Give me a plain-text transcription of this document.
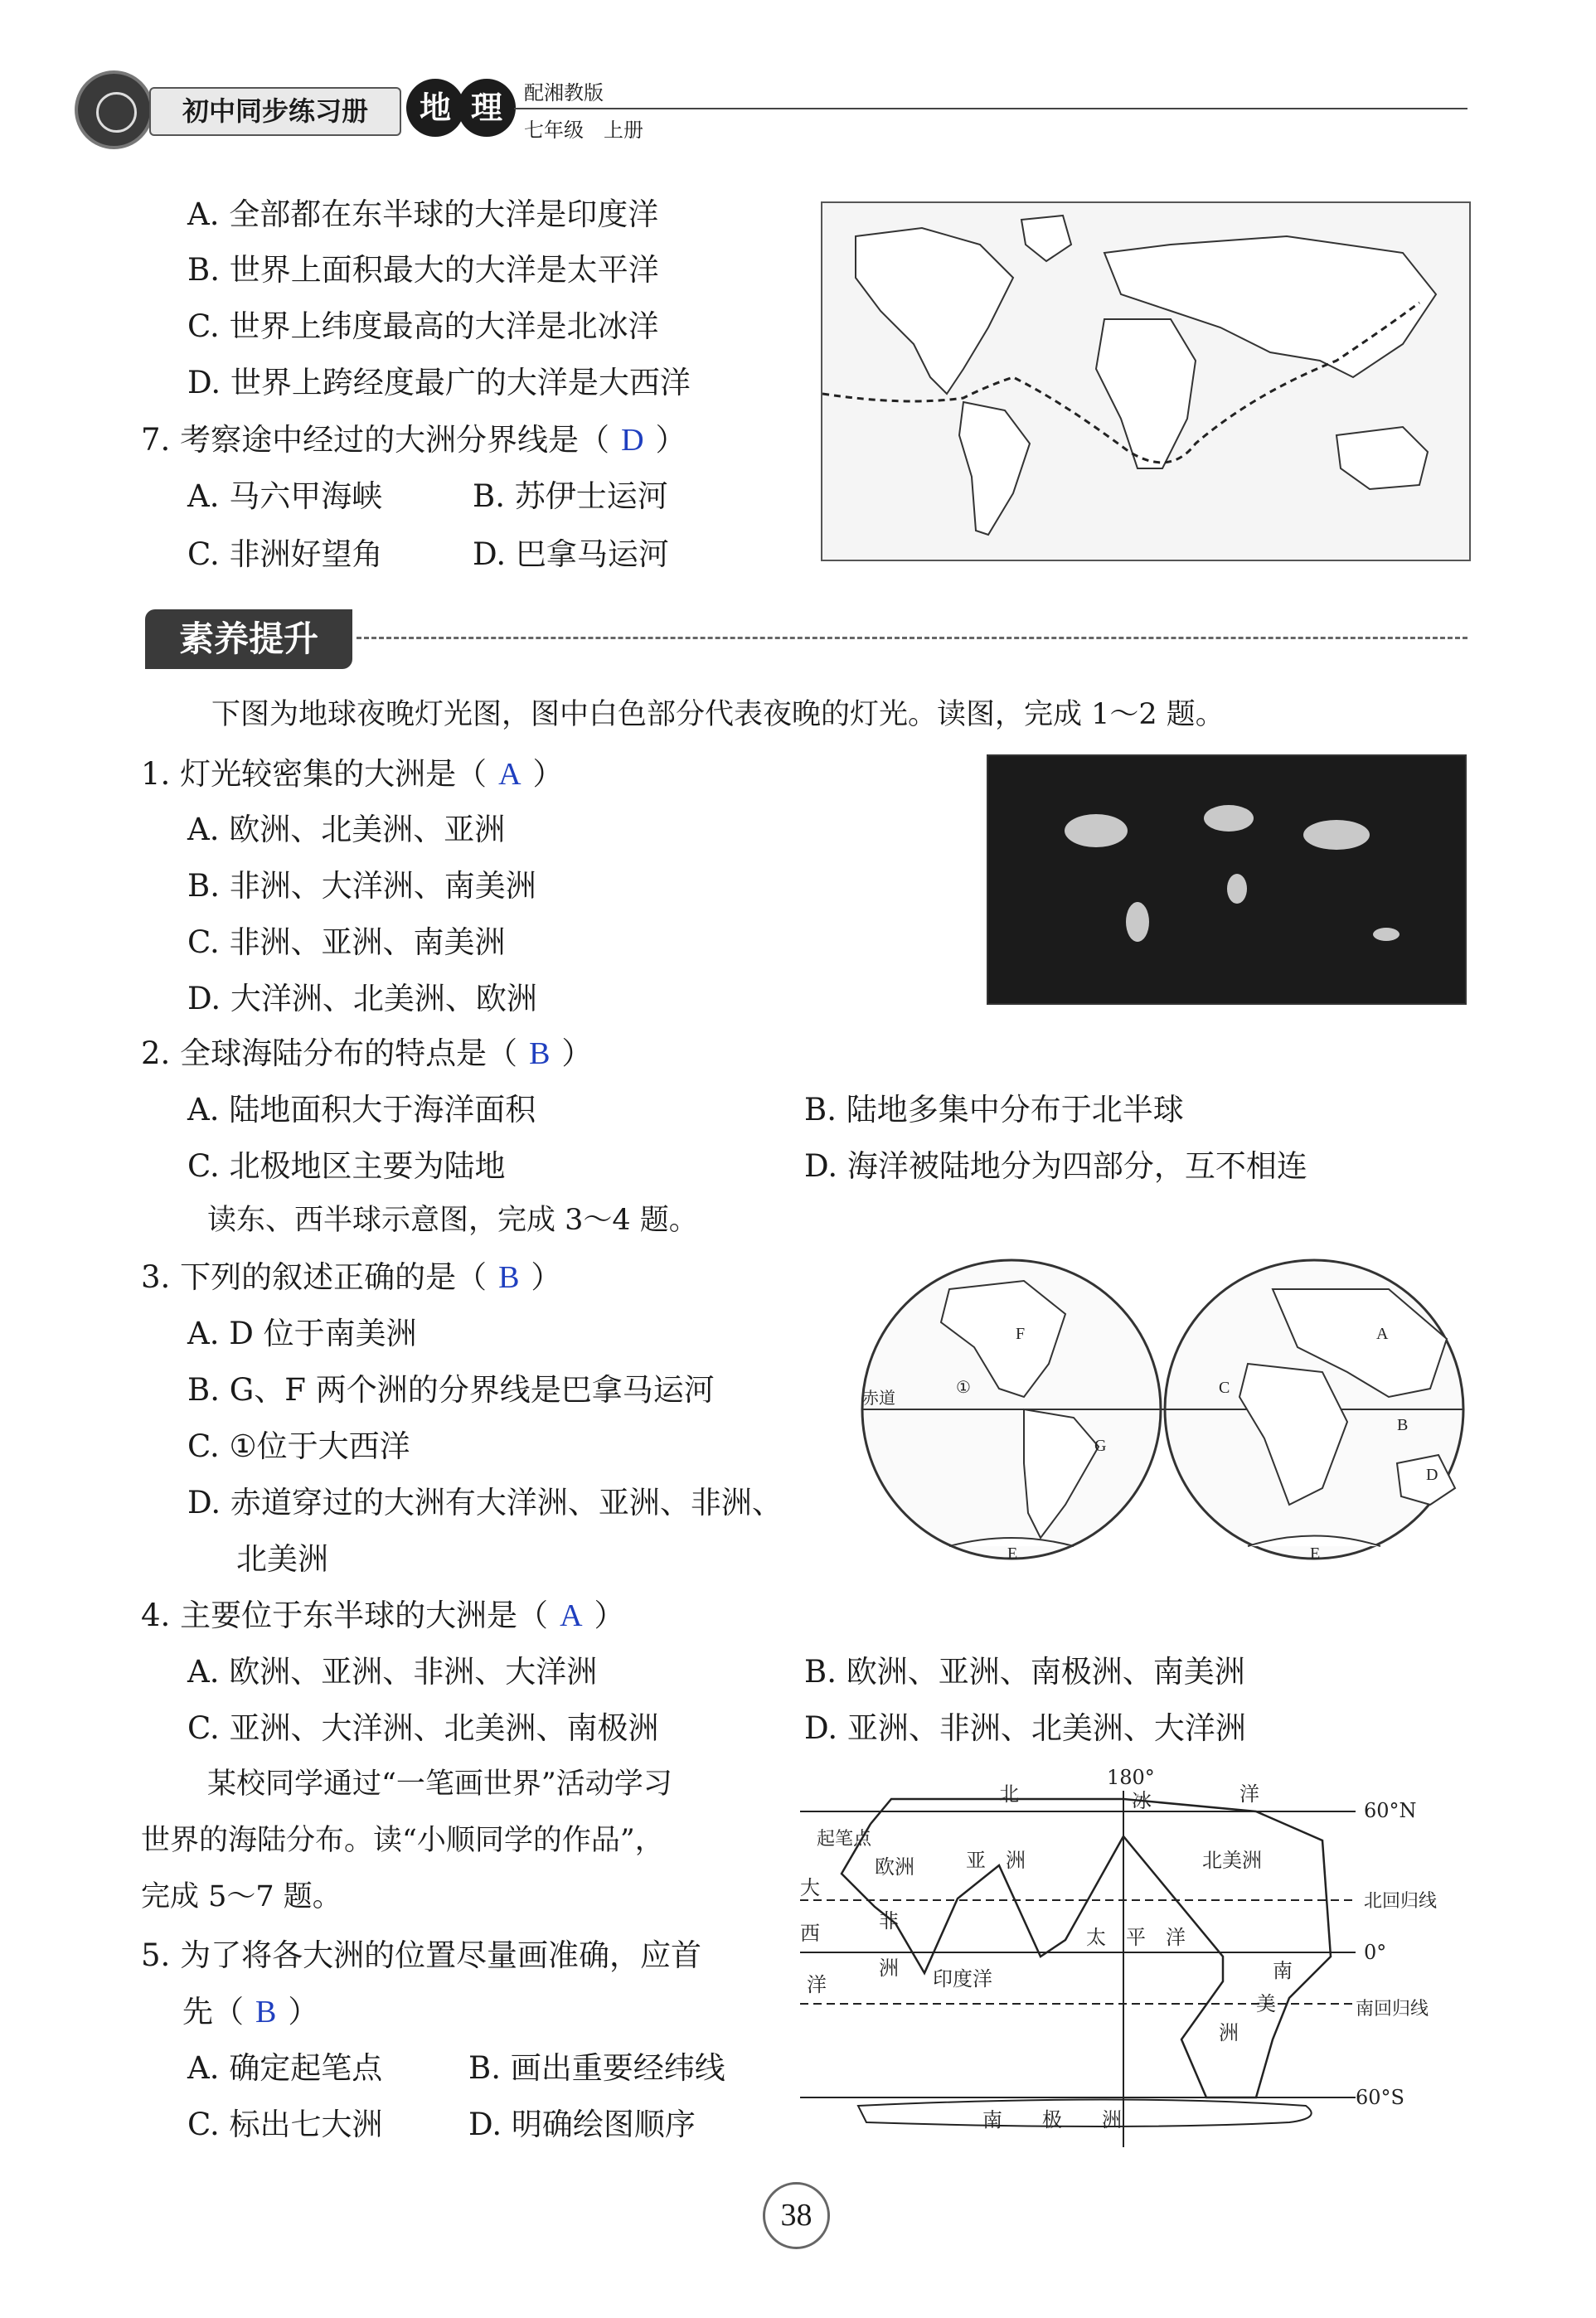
初中同步练习册	地 理	配湘教版
七年级　上册
A. 全部都在东半球的大洋是印度洋
B. 世界上面积最大的大洋是太平洋
C. 世界上纬度最高的大洋是北冰洋
D. 世界上跨经度最广的大洋是大西洋
7. 考察途中经过的大洲分界线是（ D ）
A. 马六甲海峡	B. 苏伊士运河
C. 非洲好望角	D. 巴拿马运河
素养提升
下图为地球夜晚灯光图，图中白色部分代表夜晚的灯光。读图，完成 1～2 题。
1. 灯光较密集的大洲是（ A ）
A. 欧洲、北美洲、亚洲
B. 非洲、大洋洲、南美洲
C. 非洲、亚洲、南美洲
D. 大洋洲、北美洲、欧洲
2. 全球海陆分布的特点是（ B ）
A. 陆地面积大于海洋面积	B. 陆地多集中分布于北半球
C. 北极地区主要为陆地	D. 海洋被陆地分为四部分，互不相连
读东、西半球示意图，完成 3～4 题。
3. 下列的叙述正确的是（ B ）
A. D 位于南美洲
B. G、F 两个洲的分界线是巴拿马运河
C. ①位于大西洋
D. 赤道穿过的大洲有大洋洲、亚洲、非洲、
北美洲
赤道
F
G
①
E
A
B
C
D
E
4. 主要位于东半球的大洲是（ A ）
A. 欧洲、亚洲、非洲、大洋洲	B. 欧洲、亚洲、南极洲、南美洲
C. 亚洲、大洋洲、北美洲、南极洲	D. 亚洲、非洲、北美洲、大洋洲
某校同学通过“一笔画世界”活动学习
世界的海陆分布。读“小顺同学的作品”，
完成 5～7 题。
5. 为了将各大洲的位置尽量画准确，应首
先（ B ）
A. 确定起笔点	B. 画出重要经纬线
C. 标出七大洲	D. 明确绘图顺序
180°
北	冰	洋
60°N
起笔点
欧洲	亚　洲	北美洲
大
西
洋
非
洲
北回归线
太　平　洋
0°
印度洋	南
美
洲
南回归线
60°S
南　　极　　洲
38
